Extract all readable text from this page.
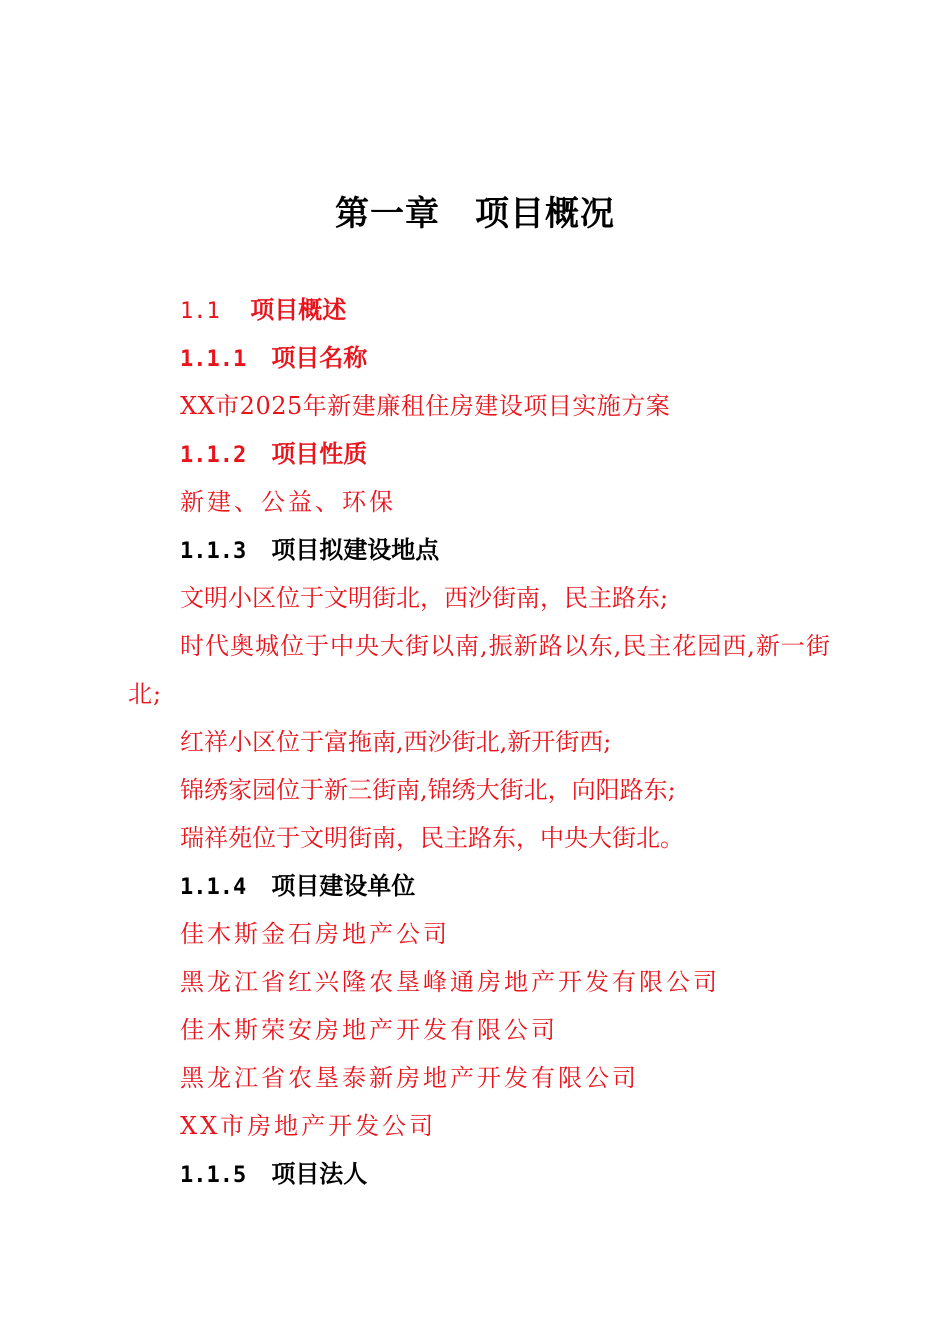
第一章　项目概况

1.1 项目概述

1.1.1 项目名称

XX市2025年新建廉租住房建设项目实施方案

1.1.2 项目性质

新建、公益、环保

1.1.3 项目拟建设地点

文明小区位于文明街北，西沙街南，民主路东;

时代奥城位于中央大街以南,振新路以东,民主花园西,新一街北;

红祥小区位于富拖南,西沙街北,新开街西;

锦绣家园位于新三街南,锦绣大街北，向阳路东;

瑞祥苑位于文明街南，民主路东，中央大街北。

1.1.4 项目建设单位

佳木斯金石房地产公司

黑龙江省红兴隆农垦峰通房地产开发有限公司

佳木斯荣安房地产开发有限公司

黑龙江省农垦泰新房地产开发有限公司

XX市房地产开发公司

1.1.5 项目法人
